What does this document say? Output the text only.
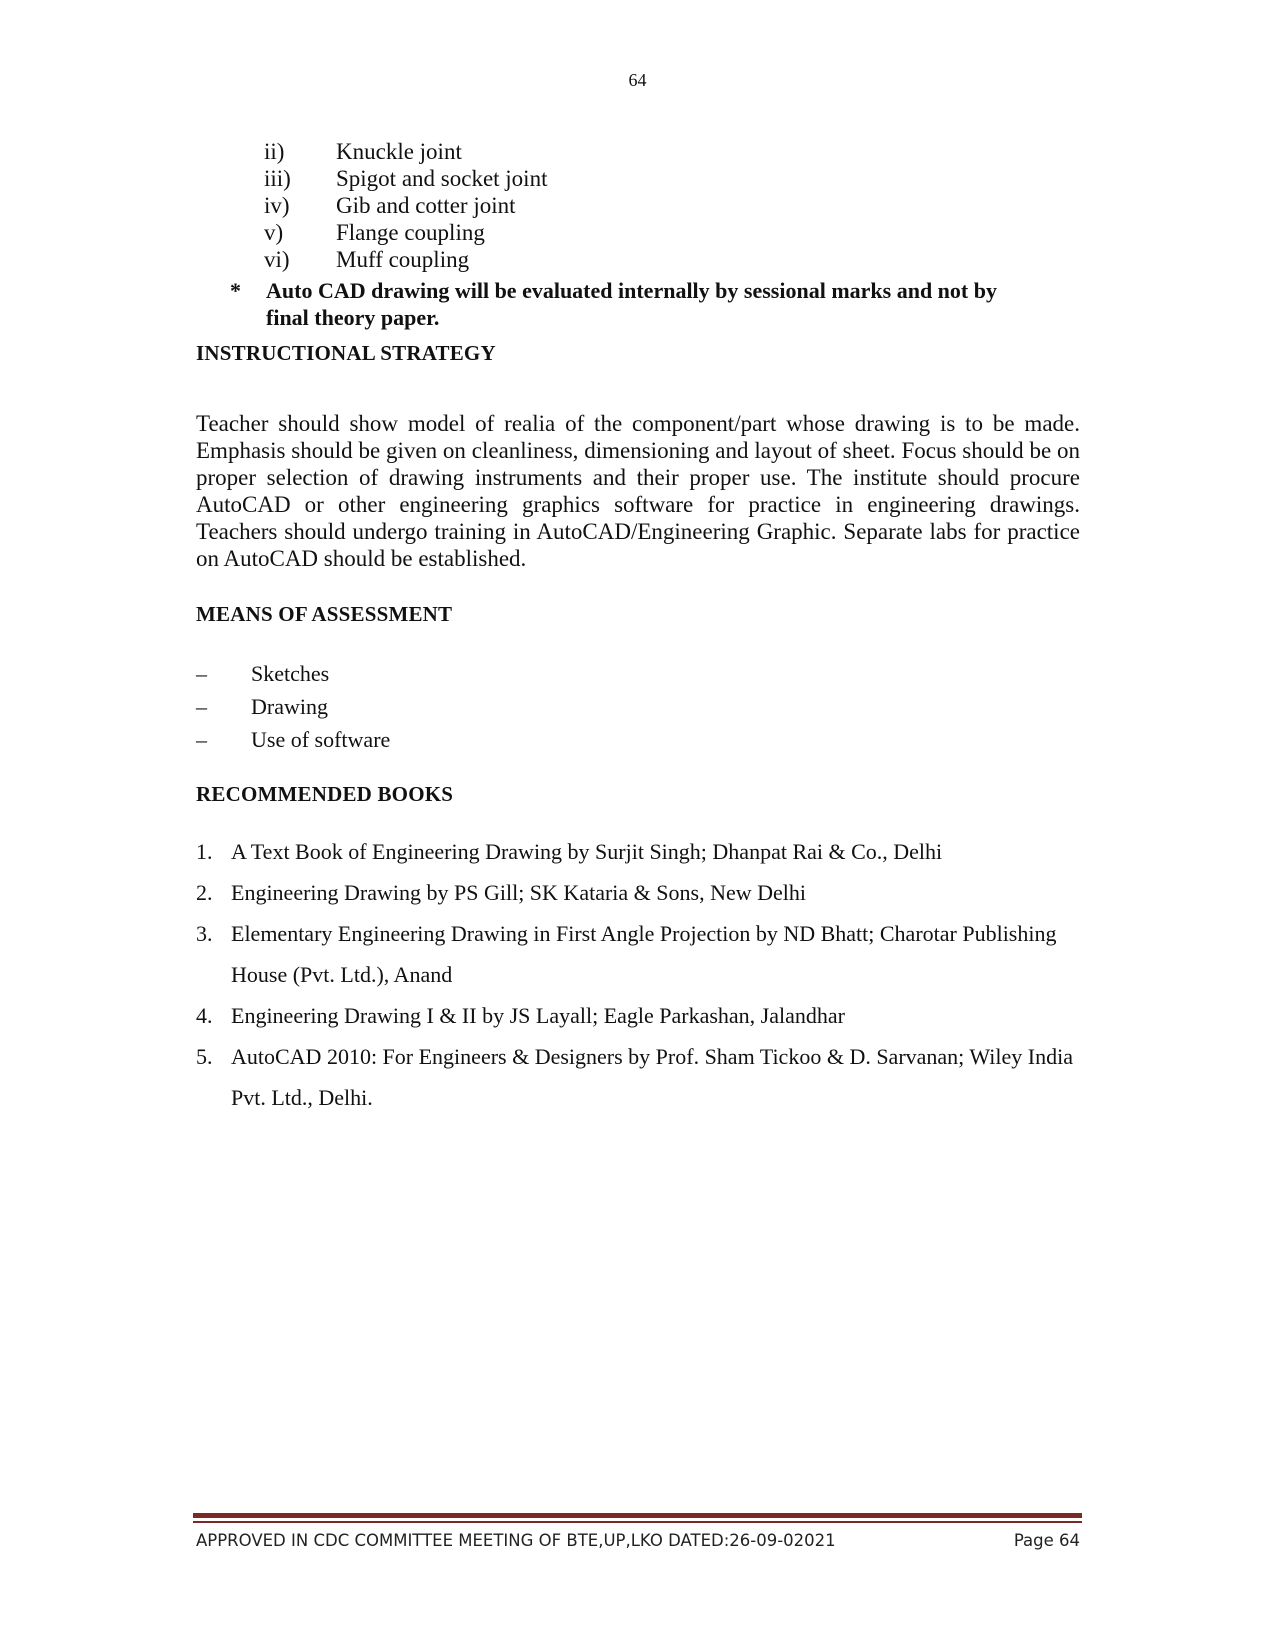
64
ii)	Knuckle joint
iii)	Spigot and socket joint
iv)	Gib and cotter joint
v)	Flange coupling
vi)	Muff coupling
*	Auto CAD drawing will be evaluated internally by sessional marks and not by final theory paper.
INSTRUCTIONAL STRATEGY
Teacher should show model of realia of the component/part whose drawing is to be made. Emphasis should be given on cleanliness, dimensioning and layout of sheet. Focus should be on proper selection of drawing instruments and their proper use. The institute should procure AutoCAD or other engineering graphics software for practice in engineering drawings. Teachers should undergo training in AutoCAD/Engineering Graphic. Separate labs for practice on AutoCAD should be established.
MEANS OF ASSESSMENT
–	Sketches
–	Drawing
–	Use of software
RECOMMENDED BOOKS
1. A Text Book of Engineering Drawing by Surjit Singh; Dhanpat Rai & Co., Delhi
2. Engineering Drawing by PS Gill; SK Kataria & Sons, New Delhi
3. Elementary Engineering Drawing in First Angle Projection by ND Bhatt; Charotar Publishing House (Pvt. Ltd.), Anand
4. Engineering Drawing I & II by JS Layall; Eagle Parkashan, Jalandhar
5. AutoCAD 2010: For Engineers & Designers by Prof. Sham Tickoo & D. Sarvanan; Wiley India Pvt. Ltd., Delhi.
APPROVED IN CDC COMMITTEE MEETING OF BTE,UP,LKO DATED:26-09-02021	Page 64
